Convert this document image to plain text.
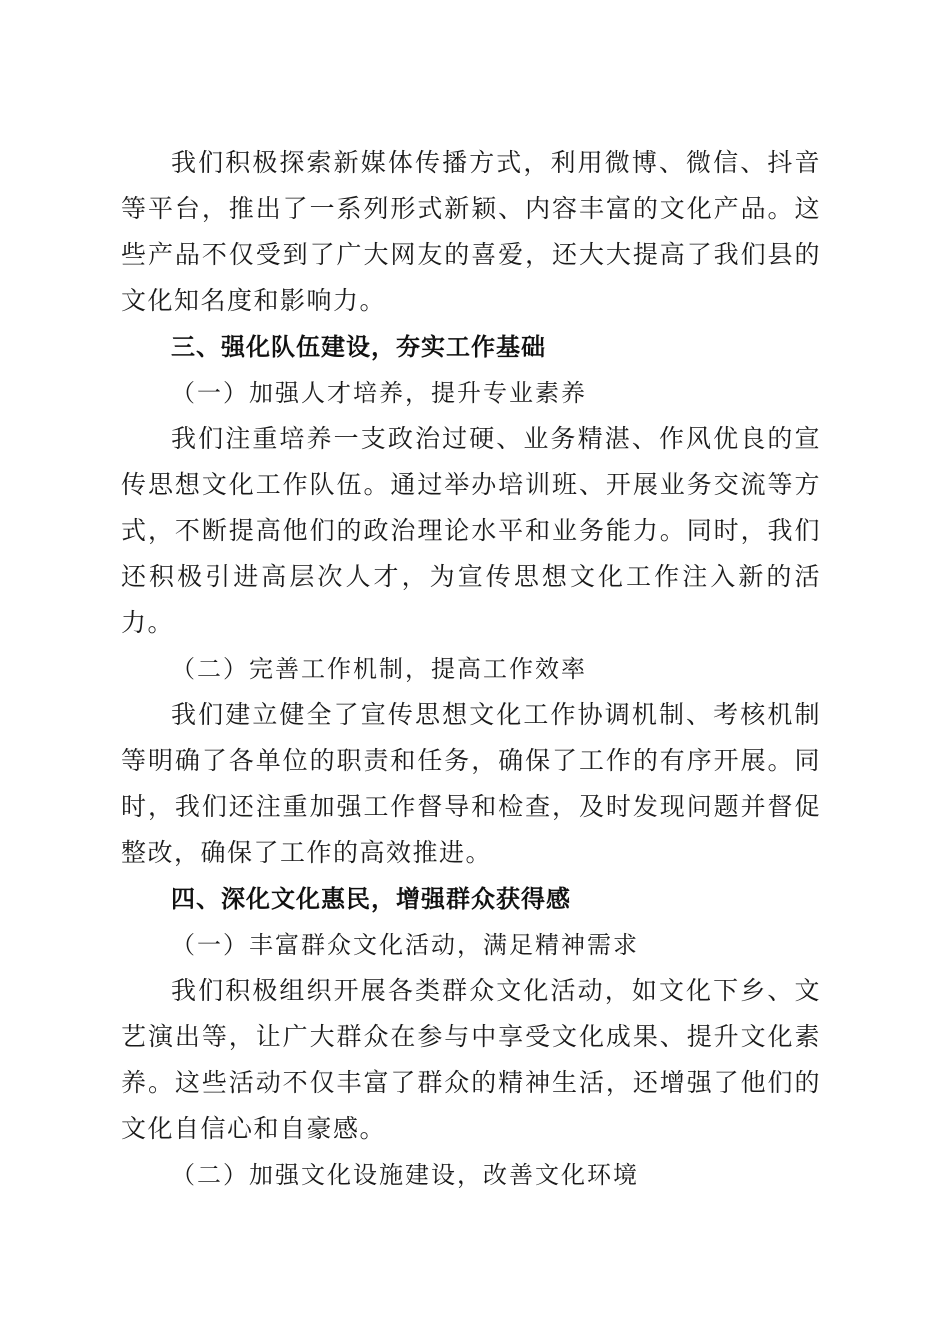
我们积极探索新媒体传播方式，利用微博、微信、抖音等平台，推出了一系列形式新颖、内容丰富的文化产品。这些产品不仅受到了广大网友的喜爱，还大大提高了我们县的文化知名度和影响力。

三、强化队伍建设，夯实工作基础

（一）加强人才培养，提升专业素养

我们注重培养一支政治过硬、业务精湛、作风优良的宣传思想文化工作队伍。通过举办培训班、开展业务交流等方式，不断提高他们的政治理论水平和业务能力。同时，我们还积极引进高层次人才，为宣传思想文化工作注入新的活力。

（二）完善工作机制，提高工作效率

我们建立健全了宣传思想文化工作协调机制、考核机制等明确了各单位的职责和任务，确保了工作的有序开展。同时，我们还注重加强工作督导和检查，及时发现问题并督促整改，确保了工作的高效推进。

四、深化文化惠民，增强群众获得感

（一）丰富群众文化活动，满足精神需求

我们积极组织开展各类群众文化活动，如文化下乡、文艺演出等，让广大群众在参与中享受文化成果、提升文化素养。这些活动不仅丰富了群众的精神生活，还增强了他们的文化自信心和自豪感。

（二）加强文化设施建设，改善文化环境
